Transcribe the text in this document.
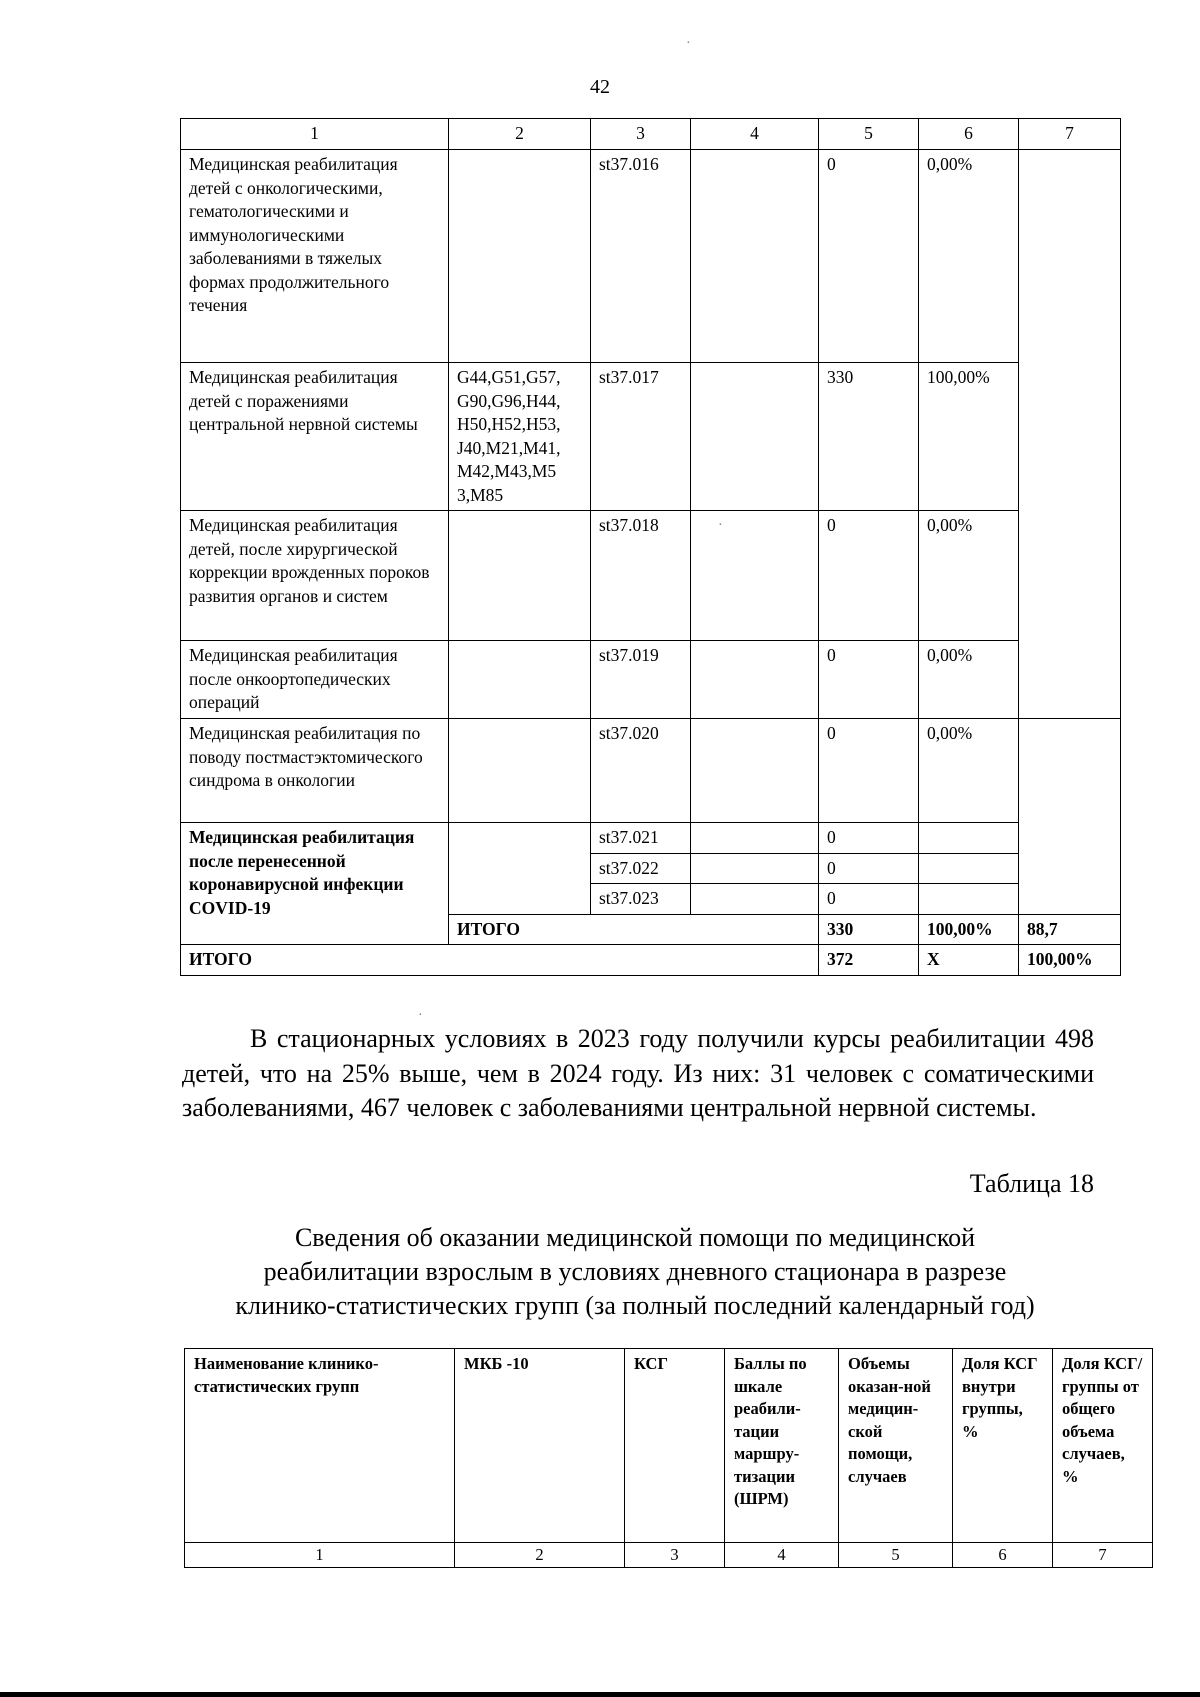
·
·
·
42
1	2	3	4	5	6	7
Медицинская реабилитация детей с онкологическими, гематологическими и иммунологическими заболеваниями в тяжелых формах продолжительного течения		st37.016		0	0,00%	
Медицинская реабилитация детей с поражениями центральной нервной системы	G44,G51,G57, G90,G96,H44, H50,H52,H53, J40,M21,M41, M42,M43,M5 3,M85	st37.017		330	100,00%	
Медицинская реабилитация детей, после хирургической коррекции врожденных пороков развития органов и систем		st37.018		0	0,00%	
Медицинская реабилитация после онкоортопедических операций		st37.019		0	0,00%	
Медицинская реабилитация по поводу постмастэктомического синдрома в онкологии		st37.020		0	0,00%	
Медицинская реабилитация после перенесенной коронавирусной инфекции COVID-19		st37.021		0		
		st37.022		0		
		st37.023		0		
	ИТОГО			330	100,00%	88,7
ИТОГО				372	X	100,00%

В стационарных условиях в 2023 году получили курсы реабилитации 498 детей, что на 25% выше, чем в 2024 году. Из них: 31 человек с соматическими заболеваниями, 467 человек с заболеваниями центральной нервной системы.

Таблица 18
Сведения об оказании медицинской помощи по медицинской
реабилитации взрослым в условиях дневного стационара в разрезе
клинико-статистических групп (за полный последний календарный год)
Наименование клинико-статистических групп	МКБ -10	КСГ	Баллы по шкале реабили-тации маршру-тизации (ШРМ)	Объемы оказан-ной медицин-ской помощи, случаев	Доля КСГ внутри группы, %	Доля КСГ/ группы от общего объема случаев, %
1	2	3	4	5	6	7
